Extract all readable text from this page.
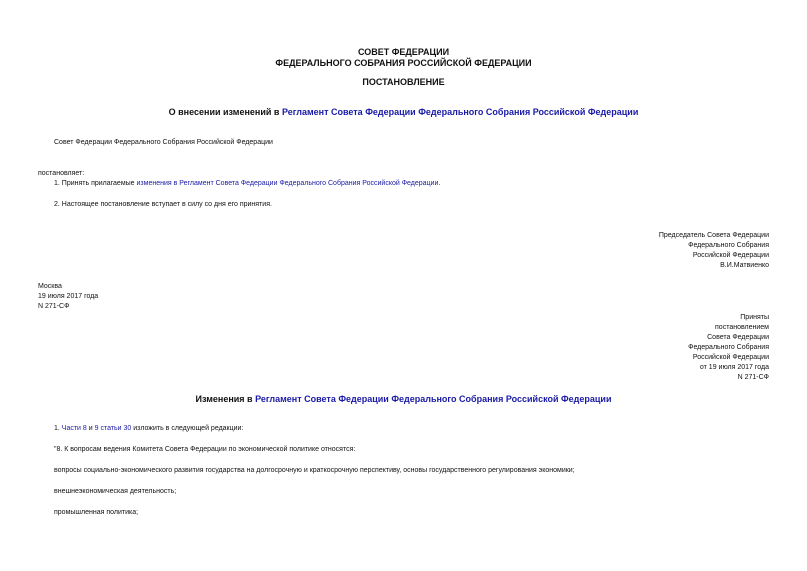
СОВЕТ ФЕДЕРАЦИИ
ФЕДЕРАЛЬНОГО СОБРАНИЯ РОССИЙСКОЙ ФЕДЕРАЦИИ
ПОСТАНОВЛЕНИЕ
О внесении изменений в Регламент Совета Федерации Федерального Собрания Российской Федерации
Совет Федерации Федерального Собрания Российской Федерации
постановляет:
1. Принять прилагаемые изменения в Регламент Совета Федерации Федерального Собрания Российской Федерации.
2. Настоящее постановление вступает в силу со дня его принятия.
Председатель Совета Федерации
Федерального Собрания
Российской Федерации
В.И.Матвиенко
Москва
19 июля 2017 года
N 271-СФ
Приняты
постановлением
Совета Федерации
Федерального Собрания
Российской Федерации
от 19 июля 2017 года
N 271-СФ
Изменения в Регламент Совета Федерации Федерального Собрания Российской Федерации
1. Части 8 и 9 статьи 30 изложить в следующей редакции:
"8. К вопросам ведения Комитета Совета Федерации по экономической политике относятся:
вопросы социально-экономического развития государства на долгосрочную и краткосрочную перспективу, основы государственного регулирования экономики;
внешнеэкономическая деятельность;
промышленная политика;
